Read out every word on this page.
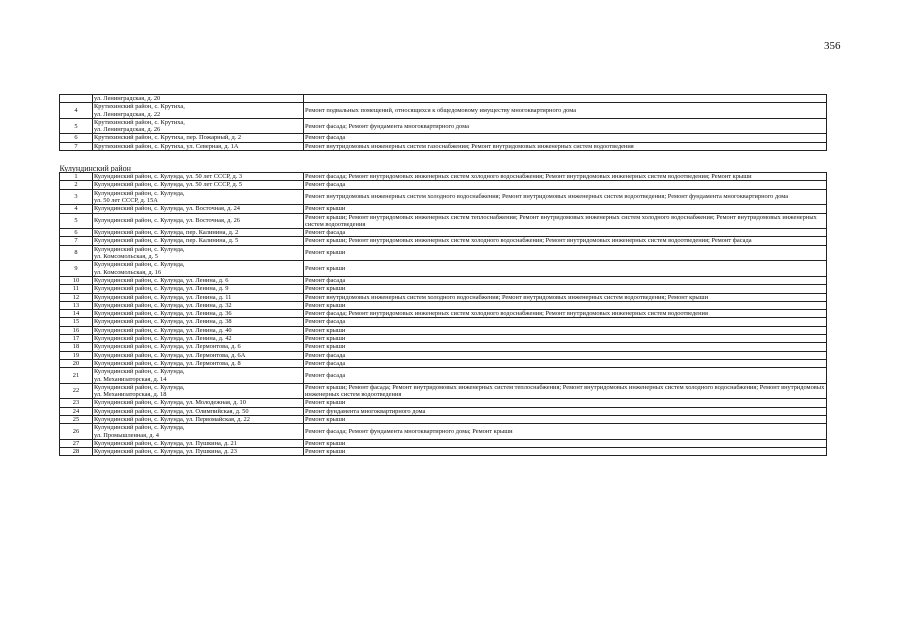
356
	ул. Ленинградская, д. 20	
4	Крутихинский район, с. Крутиха,
ул. Ленинградская, д. 22	Ремонт подвальных помещений, относящихся к общедомовому имуществу многоквартирного дома
5	Крутихинский район, с. Крутиха,
ул. Ленинградская, д. 26	Ремонт фасада; Ремонт фундамента многоквартирного дома
6	Крутихинский район, с. Крутиха, пер. Пожарный, д. 2	Ремонт фасада
7	Крутихинский район, с. Крутиха, ул. Северная, д. 1А	Ремонт внутридомовых инженерных систем газоснабжения; Ремонт внутридомовых инженерных систем водоотведения

Кулундинский район		
1	Кулундинский район, с. Кулунда, ул. 50 лет СССР, д. 3	Ремонт фасада; Ремонт внутридомовых инженерных систем холодного водоснабжения; Ремонт внутридомовых инженерных систем водоотведения; Ремонт крыши
2	Кулундинский район, с. Кулунда, ул. 50 лет СССР, д. 5	Ремонт фасада
3	Кулундинский район, с. Кулунда,
ул. 50 лет СССР, д. 15А	Ремонт внутридомовых инженерных систем холодного водоснабжения; Ремонт внутридомовых инженерных систем водоотведения; Ремонт фундамента многоквартирного дома
4	Кулундинский район, с. Кулунда, ул. Восточная, д. 24	Ремонт крыши
5	Кулундинский район, с. Кулунда, ул. Восточная, д. 26	Ремонт крыши; Ремонт внутридомовых инженерных систем теплоснабжения; Ремонт внутридомовых инженерных систем холодного водоснабжения; Ремонт внутридомовых инженерных систем водоотведения
6	Кулундинский район, с. Кулунда, пер. Калинина, д. 2	Ремонт фасада
7	Кулундинский район, с. Кулунда, пер. Калинина, д. 5	Ремонт крыши; Ремонт внутридомовых инженерных систем холодного водоснабжения; Ремонт внутридомовых инженерных систем водоотведения; Ремонт фасада
8	Кулундинский район, с. Кулунда,
ул. Комсомольская, д. 5	Ремонт крыши
9	Кулундинский район, с. Кулунда,
ул. Комсомольская, д. 16	Ремонт крыши
10	Кулундинский район, с. Кулунда, ул. Ленина, д. 6	Ремонт фасада
11	Кулундинский район, с. Кулунда, ул. Ленина, д. 9	Ремонт крыши
12	Кулундинский район, с. Кулунда, ул. Ленина, д. 11	Ремонт внутридомовых инженерных систем холодного водоснабжения; Ремонт внутридомовых инженерных систем водоотведения; Ремонт крыши
13	Кулундинский район, с. Кулунда, ул. Ленина, д. 32	Ремонт крыши
14	Кулундинский район, с. Кулунда, ул. Ленина, д. 36	Ремонт фасада; Ремонт внутридомовых инженерных систем холодного водоснабжения; Ремонт внутридомовых инженерных систем водоотведения
15	Кулундинский район, с. Кулунда, ул. Ленина, д. 38	Ремонт фасада
16	Кулундинский район, с. Кулунда, ул. Ленина, д. 40	Ремонт крыши
17	Кулундинский район, с. Кулунда, ул. Ленина, д. 42	Ремонт крыши
18	Кулундинский район, с. Кулунда, ул. Лермонтова, д. 6	Ремонт крыши
19	Кулундинский район, с. Кулунда, ул. Лермонтова, д. 6А	Ремонт фасада
20	Кулундинский район, с. Кулунда, ул. Лермонтова, д. 8	Ремонт фасада
21	Кулундинский район, с. Кулунда,
ул. Механизаторская, д. 14	Ремонт фасада
22	Кулундинский район, с. Кулунда,
ул. Механизаторская, д. 18	Ремонт крыши; Ремонт фасада; Ремонт внутридомовых инженерных систем теплоснабжения; Ремонт внутридомовых инженерных систем холодного водоснабжения; Ремонт внутридомовых инженерных систем водоотведения
23	Кулундинский район, с. Кулунда, ул. Молодежная, д. 10	Ремонт крыши
24	Кулундинский район, с. Кулунда, ул. Олимпийская, д. 50	Ремонт фундамента многоквартирного дома
25	Кулундинский район, с. Кулунда, ул. Первомайская, д. 22	Ремонт крыши
26	Кулундинский район, с. Кулунда,
ул. Промышленная, д. 4	Ремонт фасада; Ремонт фундамента многоквартирного дома; Ремонт крыши
27	Кулундинский район, с. Кулунда, ул. Пушкина, д. 21	Ремонт крыши
28	Кулундинский район, с. Кулунда, ул. Пушкина, д. 23	Ремонт крыши
